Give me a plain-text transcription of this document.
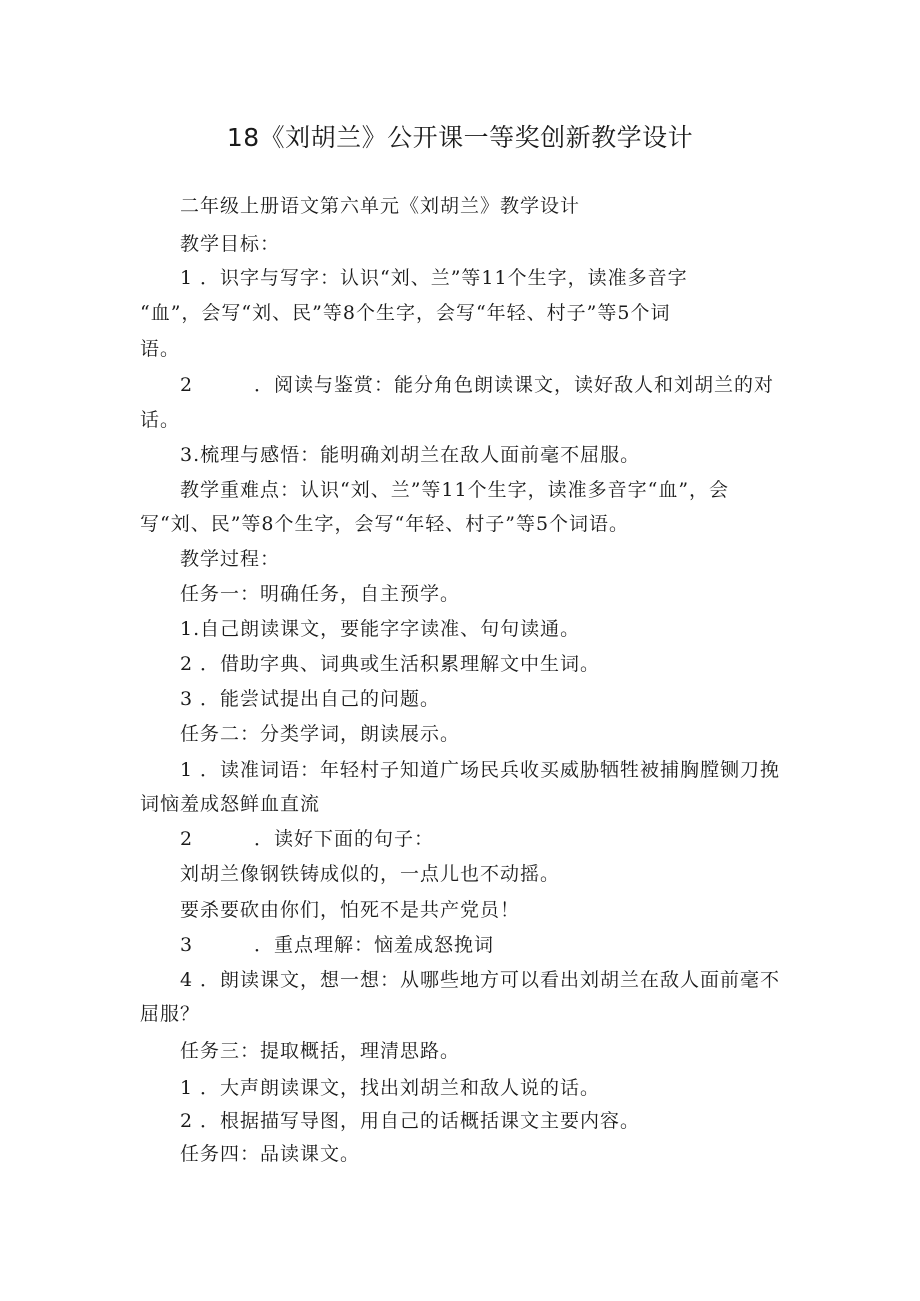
18《刘胡兰》公开课一等奖创新教学设计
二年级上册语文第六单元《刘胡兰》教学设计
教学目标：
1 ．识字与写字：认识“刘、兰”等11个生字，读准多音字
“血”，会写“刘、民”等8个生字，会写“年轻、村子”等5个词
语。
2	．阅读与鉴赏：能分角色朗读课文，读好敌人和刘胡兰的对
话。
3.梳理与感悟：能明确刘胡兰在敌人面前毫不屈服。
教学重难点：认识“刘、兰”等11个生字，读准多音字“血”，会
写“刘、民”等8个生字，会写“年轻、村子”等5个词语。
教学过程：
任务一：明确任务，自主预学。
1.自己朗读课文，要能字字读准、句句读通。
2 ．借助字典、词典或生活积累理解文中生词。
3 ．能尝试提出自己的问题。
任务二：分类学词，朗读展示。
1 ．读准词语：年轻村子知道广场民兵收买威胁牺牲被捕胸膛铡刀挽
词恼羞成怒鲜血直流
2	．读好下面的句子：
刘胡兰像钢铁铸成似的，一点儿也不动摇。
要杀要砍由你们，怕死不是共产党员！
3	．重点理解：恼羞成怒挽词
4 ．朗读课文，想一想：从哪些地方可以看出刘胡兰在敌人面前毫不
屈服？
任务三：提取概括，理清思路。
1 ．大声朗读课文，找出刘胡兰和敌人说的话。
2 ．根据描写导图，用自己的话概括课文主要内容。
任务四：品读课文。
